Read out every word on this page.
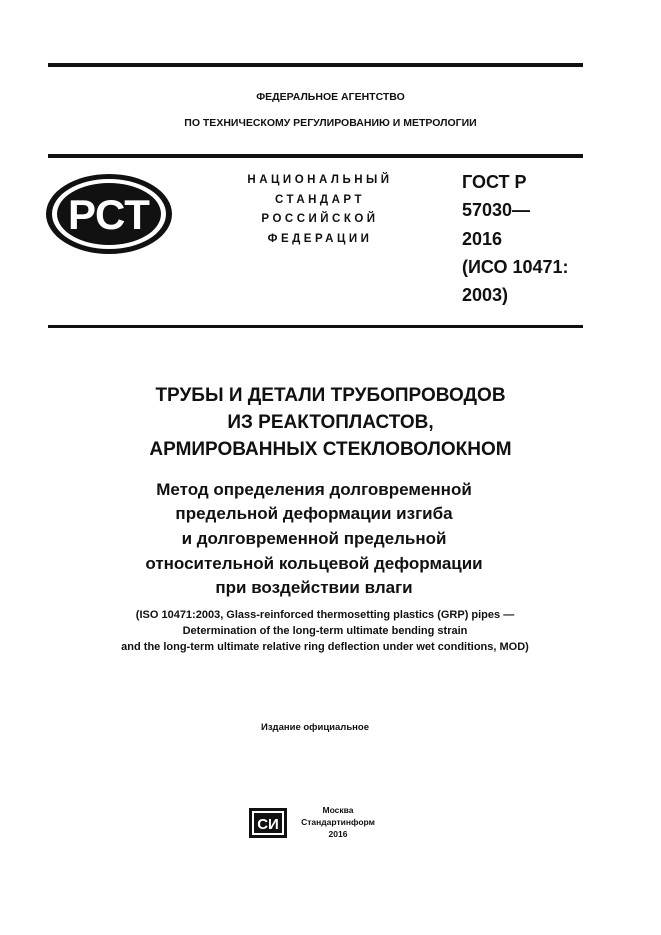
ФЕДЕРАЛЬНОЕ АГЕНТСТВО
ПО ТЕХНИЧЕСКОМУ РЕГУЛИРОВАНИЮ И МЕТРОЛОГИИ
РСТ
НАЦИОНАЛЬНЫЙ
СТАНДАРТ
РОССИЙСКОЙ
ФЕДЕРАЦИИ
ГОСТ Р
57030—
2016
(ИСО 10471:
2003)
ТРУБЫ И ДЕТАЛИ ТРУБОПРОВОДОВ
ИЗ РЕАКТОПЛАСТОВ,
АРМИРОВАННЫХ СТЕКЛОВОЛОКНОМ
Метод определения долговременной
предельной деформации изгиба
и долговременной предельной
относительной кольцевой деформации
при воздействии влаги
(ISO 10471:2003, Glass-reinforced thermosetting plastics (GRP) pipes —
Determination of the long-term ultimate bending strain
and the long-term ultimate relative ring deflection under wet conditions, MOD)
Издание официальное
СИ
Москва
Стандартинформ
2016
